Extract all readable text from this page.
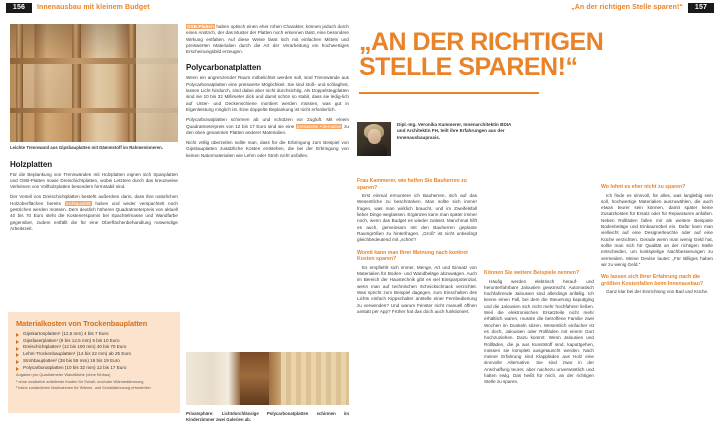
156	Innenausbau mit kleinem Budget	157
„An der richtigen Stelle sparen!“

Leichte Trennwand aus Gipsbauplatten mit Dämmstoff im Rahmeninneren.

Holzplatten

Für die Beplankung von Trennwänden mit Holzplatten eignen sich Spanplatten und OSB-Platten sowie Dreischichtplatten, wobei Letztere durch das kreuzweise Verleimen von Vollholzplatten besonders formstabil sind.

Der Vorteil von Dreischichtplatten besteht außerdem darin, dass ihre natürlichen Holzoberflächen bereits Sichtqualität haben und weder verspachtelt noch gestrichen werden müssen. Dem deutlich höheren Quadratmeterpreis von aktuell 40 bis 70 Euro steht die Kostenersparnis bei Spachtelmasse und Wandfarbe gegenüber, zudem entfällt die für eine Oberflächenbehandlung notwendige Arbeitszeit.

Materialkosten von Trockenbauplatten
Gipskartonplatten¹ (12,5 mm) 4 bis 7 Euro
Gipsfaserplatten¹ (9 bis 12,5 mm) 5 bis 10 Euro
Dreischichtplatten¹ (12 bis 100 mm) 40 bis 70 Euro
Lehm-Trockenbauplatten¹ (14 bis 22 mm) ab 25 Euro
Strohbauplatten² (38 bis 55 mm) 16 bis 19 Euro
Polycarbonatplatten (10 bis 32 mm) 12 bis 17 Euro
Angaben pro Quadratmeter Wandfläche (ohne Einbau)
¹ ohne zusätzlich anfallende Kosten für Schall- und/oder Wärmedämmung
² keine zusätzlichen Maßnahmen für Wärme- und Schalldämmung erforderlich

OSB-Platten haben optisch einen eher rohen Charakter, können jedoch durch einen Anstrich, der das Muster der Platten noch erkennen lässt, eine besondere Wirkung entfalten. Auf diese Weise lässt sich mit einfachen Mitteln und preiswerten Materialien durch die Art der Verarbeitung ein hochwertiges Erscheinungsbild erzeugen.

Polycarbonatplatten

Wenn ein angrenzender Raum mitbelichtet werden soll, sind Trennwände aus Polycarbonatplatten eine preiswerte Möglichkeit. Sie sind stoß- und schlagfest, lassen Licht hindurch, sind dabei aber nicht durchsichtig. Als Doppelstegplatten sind sie 10 bis 32 Millimeter dick und damit schön so stabil, dass sie ledig-lich auf Unter- und Deckenschiene montiert werden müssen, was gut in Eigenleistung möglich ist. Eine doppelte Beplankung ist nicht erforderlich.

Polycarbonatplatten schirmen ab und schützen vor Zugluft. Mit einem Quadratmeterpreis von 12 bis 17 Euro sind sie eine preiswerte Alternative zu den oben genannten Platten anderer Materialien.

Nicht völlig überzeilen sollte man, dass für die Erbringung zum Beispiel von Gipsbauplatten zusätzliche Kosten entstehen, die bei der Erbringung von keinen Naturmaterialien wie Lehm oder Stroh nicht anfallen.

Privatsphäre: Lichtdurchlässige Polycarbonatplatten schirmen im Kinderzimmer zwei Galerien ab.

„AN DER RICHTIGEN STELLE SPAREN!“
Dipl.-Ing. Veronika Kammerer, Innenarchitektin BDIA und Architektin FH, teilt ihre Erfahrungen aus der Innenausbaupraxis.
Frau Kammerer, wie helfen Sie Bauherren zu sparen?

Erst einmal ermuntere ich Bauherren, sich auf das Wesentliche zu beschränken. Man sollte sich immer fragen, was man wirklich braucht, und im Zweifelsfall lieber Dinge weglassen. Ergänzen kann man später immer noch, wenn das Budget es wieder zulässt. Manchmal hilft es auch, gemeinsam mit den Bauherren geplante Raumgrößen zu hinterfragen. „Groß“ ist nicht unbedingt gleichbedeutend mit „schön“!

Womit kann man Ihrer Meinung nach konkret Kosten sparen?

Es empfiehlt sich immer, Menge, Art und Einsatz von Materialien für Boden- und Wandbeläge abzuwägen. Auch im Bereich der Haustechnik gibt es viel Einsparpotenzial, wenn man auf technischen Schnickschnack verzichtet. Was spricht zum Beispiel dagegen, zum Einschalten des Lichts einfach Kippschalter anstelle einer Fernbedienung zu verwenden? Und warum Fenster nicht manuell öffnen anstatt per App? Früher hat das doch auch funktioniert.

Können Sie weitere Beispiele nennen?

Häufig werden elektrisch herauf- und herunterfahrbare Jalousien gewünscht. Automatisch hochfahrende Jalousien sind allerdings anfällig. Ich kenne einen Fall, bei dem die Steuerung kaputtging und die Jalousien sich nicht mehr hochfahren ließen. Weil die elektronischen Ersatzteile nicht mehr erhältlich waren, musste die betroffene Familie zwei Wochen im Dunkeln sitzen. Wesentlich einfacher ist es doch, Jalousien oder Rollläden mit einem Gurt hochzuziehen. Dazu kommt: Wenn Jalousien und Rollläden, die ja aus Kunststoff sind, kaputtgehen, müssen sie komplett ausgetauscht werden. Nach meiner Erfahrung sind Klappläden aus Holz eine sinnvolle Alternative. Sie sind zwar in der Anschaffung teurer, aber nachezu unverwüstlich und halten ewig. Das heißt für mich, an der richtigen Stelle zu sparen.

Wo lohnt es eher nicht zu sparen?

Ich finde es sinnvoll, für alles, was langlebig sein soll, hochwertige Materialien auszuwählen, die auch etwas teurer sein können, damit später keine Zusatzkosten für Ersatz oder für Reparaturen anfallen. Neben Rollläden fallen mir als weitere Beispiele Bodenbeläge und Einbaumöbel ein. Dafür kann man vielleicht auf eine Designerleuchte oder auf eine Küche verzichten. Gerade wenn man wenig Geld hat, sollte man sich für Qualität an der richtigen Stelle entscheiden, um kostspielige Nachbesserungen zu vermeiden. Meine Devise lautet: „Für Billiges haben wir zu wenig Geld.“

Wo lassen sich Ihrer Erfahrung nach die größten Kostenfallen beim Innenausbau?

Ganz klar bei der Einrichtung von Bad und Küche.
